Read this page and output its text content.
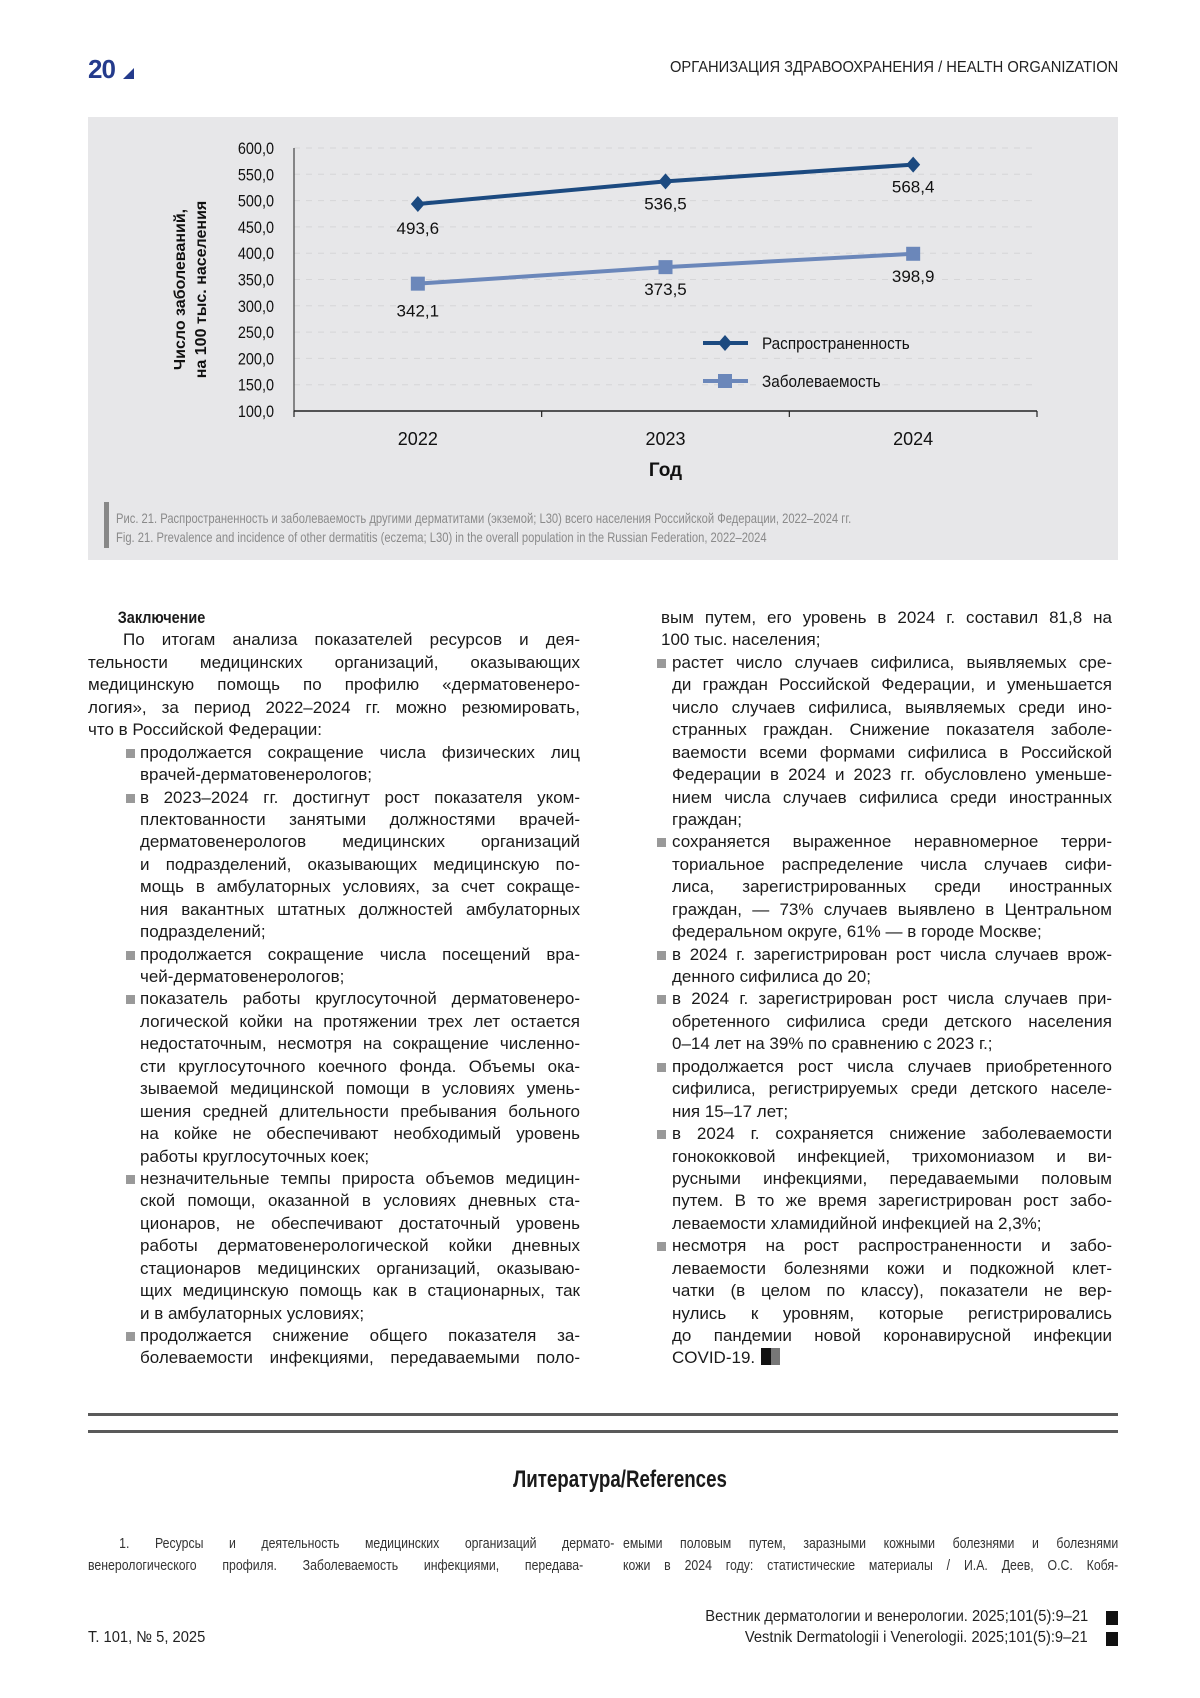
20	ОРГАНИЗАЦИЯ ЗДРАВООХРАНЕНИЯ / HEALTH ORGANIZATION
100,0
150,0
200,0
250,0
300,0
350,0
400,0
450,0
500,0
550,0
600,0
2022	2023	2024
Год
Число заболеваний, на 100 тыс. населения	493,6
536,5
568,4
Распространенность
342,1
373,5
398,9
Заболеваемость
Рис. 21. Распространенность и заболеваемость другими дерматитами (экземой; L30) всего населения Российской Федерации, 2022–2024 гг.
Fig. 21. Prevalence and incidence of other dermatitis (eczema; L30) in the overall population in the Russian Federation, 2022–2024
Заключение
По итогам анализа показателей ресурсов и дея-
тельности медицинских организаций, оказывающих
медицинскую помощь по профилю «дерматовенеро-
логия», за период 2022–2024 гг. можно резюмировать,
что в Российской Федерации:
продолжается сокращение числа физических лиц
врачей-дерматовенерологов;
в 2023–2024 гг. достигнут рост показателя уком-
плектованности занятыми должностями врачей-
дерматовенерологов медицинских организаций
и подразделений, оказывающих медицинскую по-
мощь в амбулаторных условиях, за счет сокраще-
ния вакантных штатных должностей амбулаторных
подразделений;
продолжается сокращение числа посещений вра-
чей-дерматовенерологов;
показатель работы круглосуточной дерматовенеро-
логической койки на протяжении трех лет остается
недостаточным, несмотря на сокращение численно-
сти круглосуточного коечного фонда. Объемы ока-
зываемой медицинской помощи в условиях умень-
шения средней длительности пребывания больного
на койке не обеспечивают необходимый уровень
работы круглосуточных коек;
незначительные темпы прироста объемов медицин-
ской помощи, оказанной в условиях дневных ста-
ционаров, не обеспечивают достаточный уровень
работы дерматовенерологической койки дневных
стационаров медицинских организаций, оказываю-
щих медицинскую помощь как в стационарных, так
и в амбулаторных условиях;
продолжается снижение общего показателя за-
болеваемости инфекциями, передаваемыми поло-
вым путем, его уровень в 2024 г. составил 81,8 на
100 тыс. населения;
растет число случаев сифилиса, выявляемых сре-
ди граждан Российской Федерации, и уменьшается
число случаев сифилиса, выявляемых среди ино-
странных граждан. Снижение показателя заболе-
ваемости всеми формами сифилиса в Российской
Федерации в 2024 и 2023 гг. обусловлено уменьше-
нием числа случаев сифилиса среди иностранных
граждан;
сохраняется выраженное неравномерное терри-
ториальное распределение числа случаев сифи-
лиса, зарегистрированных среди иностранных
граждан, — 73% случаев выявлено в Центральном
федеральном округе, 61% — в городе Москве;
в 2024 г. зарегистрирован рост числа случаев врож-
денного сифилиса до 20;
в 2024 г. зарегистрирован рост числа случаев при-
обретенного сифилиса среди детского населения
0–14 лет на 39% по сравнению с 2023 г.;
продолжается рост числа случаев приобретенного
сифилиса, регистрируемых среди детского населе-
ния 15–17 лет;
в 2024 г. сохраняется снижение заболеваемости
гонококковой инфекцией, трихомониазом и ви-
русными инфекциями, передаваемыми половым
путем. В то же время зарегистрирован рост забо-
леваемости хламидийной инфекцией на 2,3%;
несмотря на рост распространенности и забо-
леваемости болезнями кожи и подкожной клет-
чатки (в целом по классу), показатели не вер-
нулись к уровням, которые регистрировались
до пандемии новой коронавирусной инфекции
COVID-19.
Литература/References
1. Ресурсы и деятельность медицинских организаций дермато-
венерологического профиля. Заболеваемость инфекциями, передава-
емыми половым путем, заразными кожными болезнями и болезнями
кожи в 2024 году: статистические материалы / И.А. Деев, О.С. Кобя-
Т. 101, № 5, 2025
Вестник дерматологии и венерологии. 2025;101(5):9–21
Vestnik Dermatologii i Venerologii. 2025;101(5):9–21
